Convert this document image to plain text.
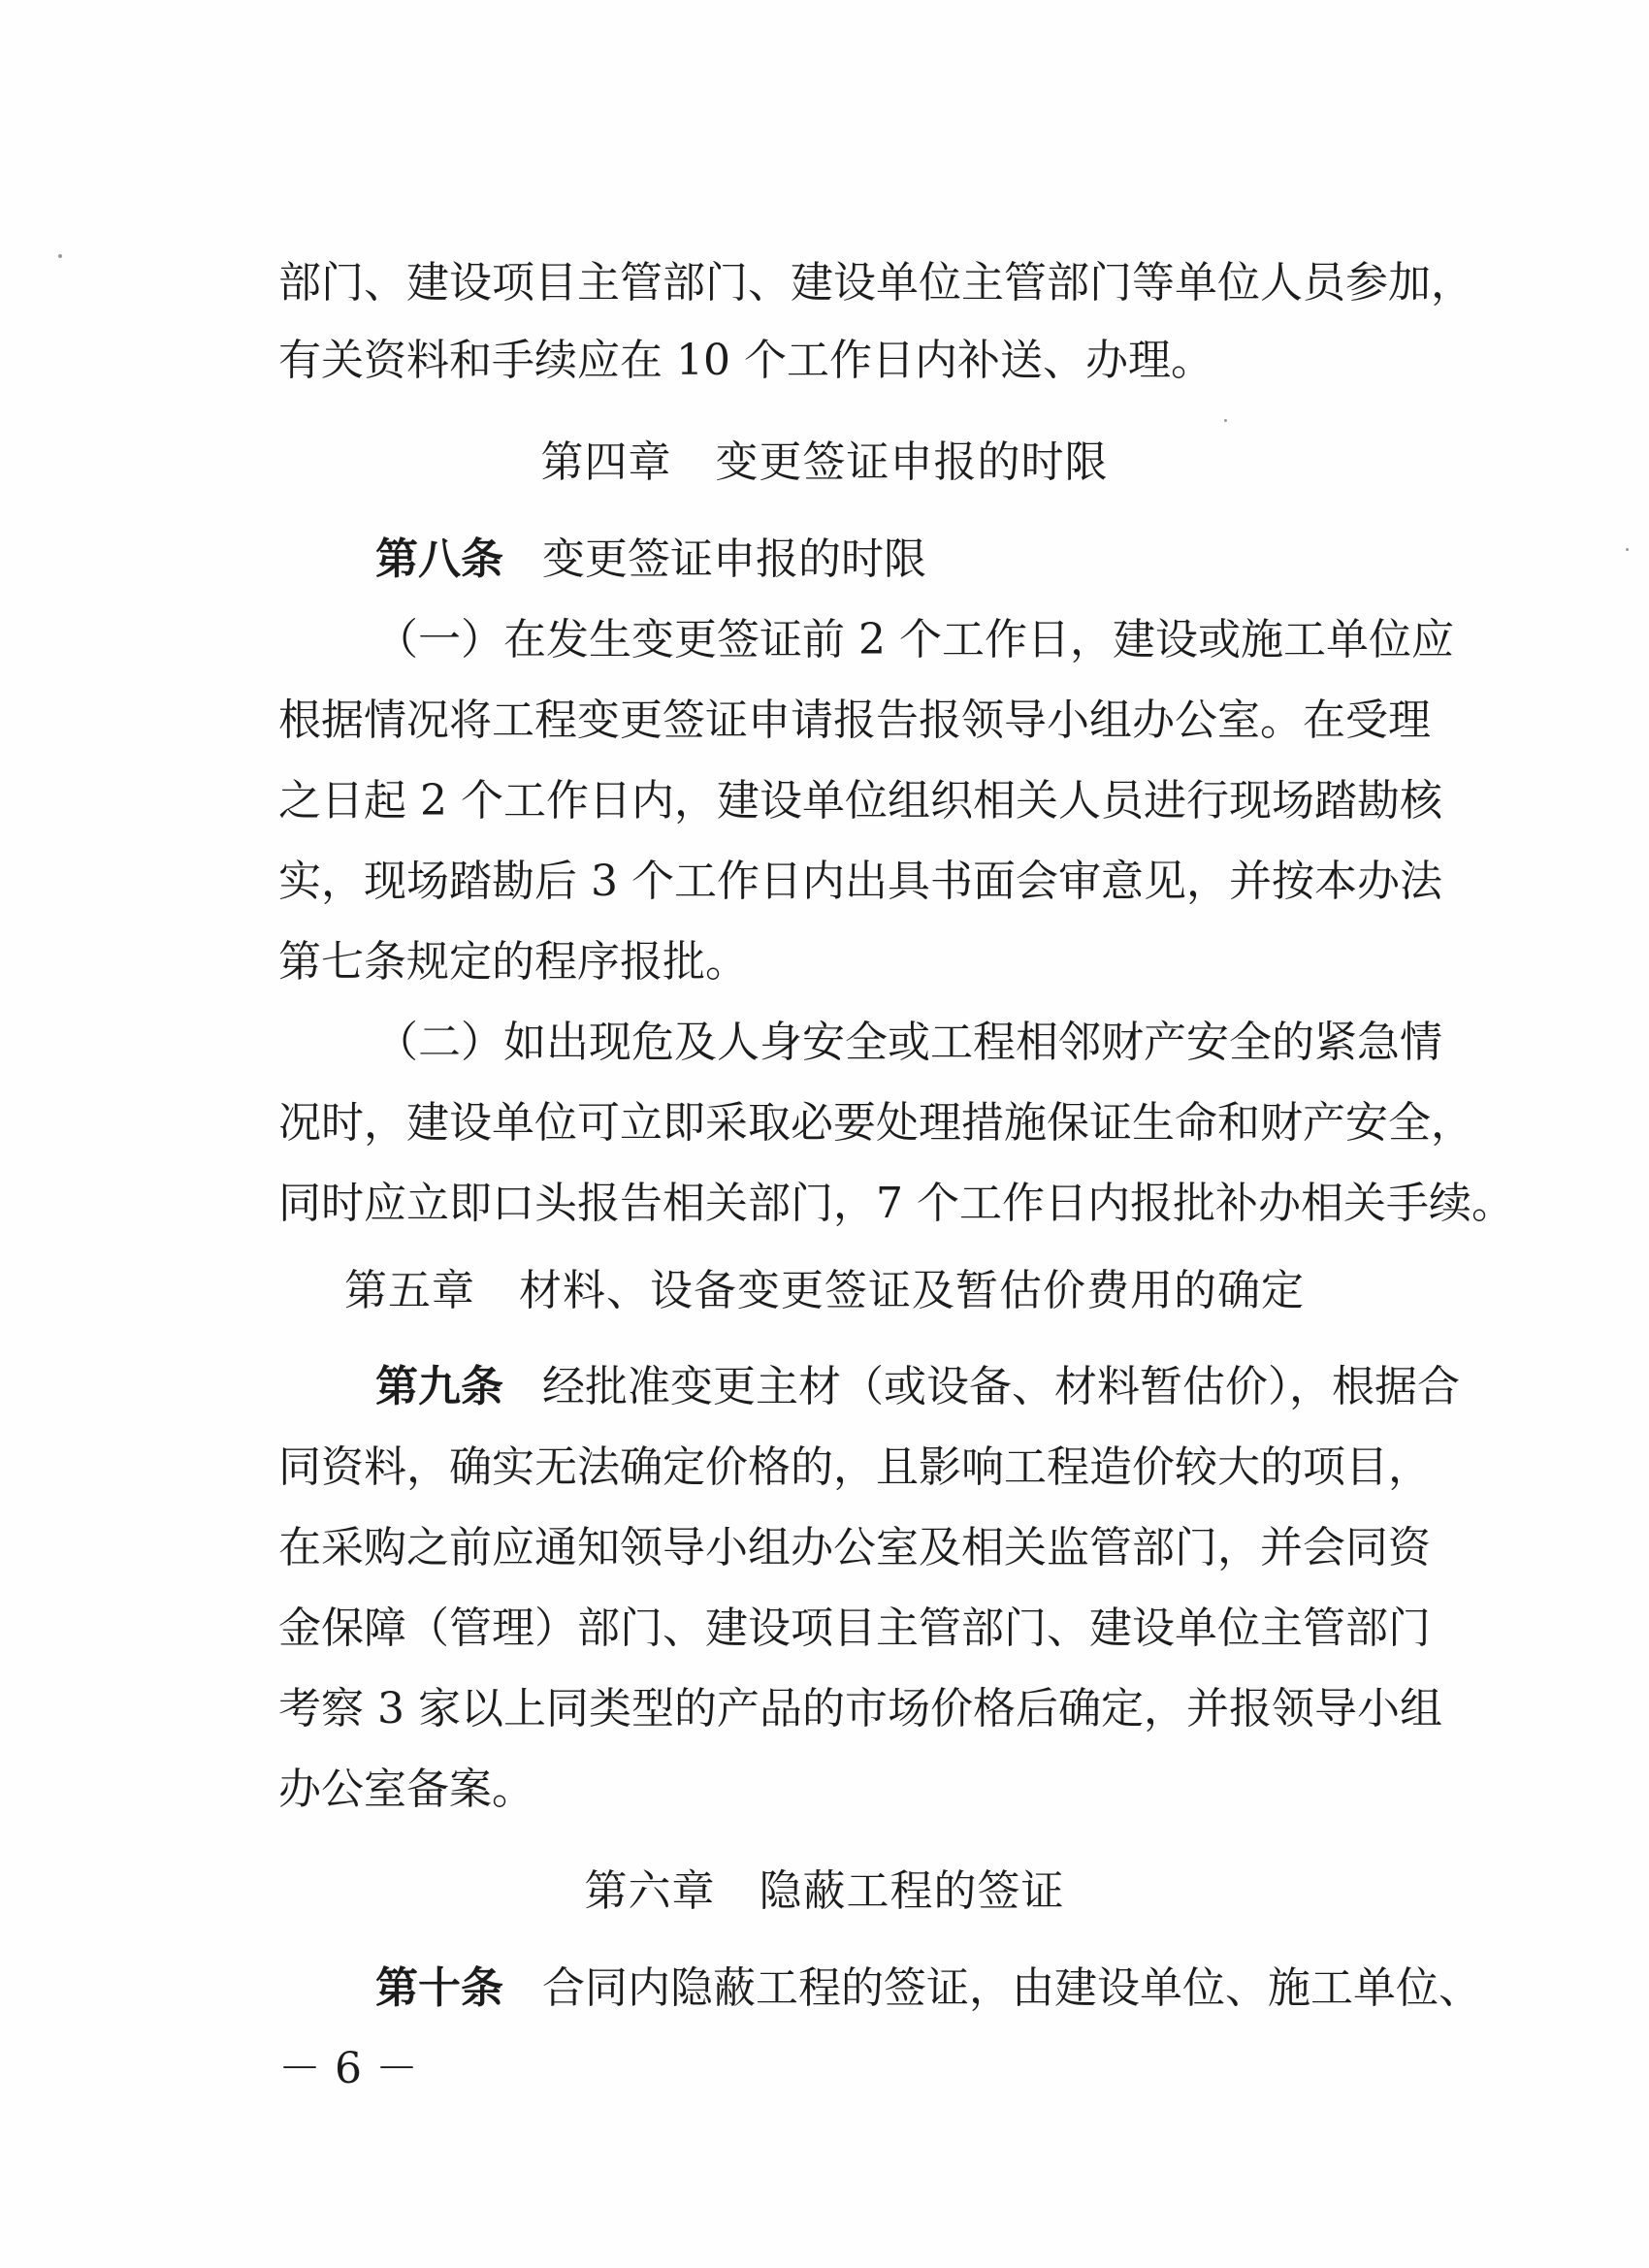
部门、建设项目主管部门、建设单位主管部门等单位人员参加，
有关资料和手续应在 10 个工作日内补送、办理。
第四章　变更签证申报的时限
第八条 变更签证申报的时限
（一）在发生变更签证前 2 个工作日，建设或施工单位应
根据情况将工程变更签证申请报告报领导小组办公室。在受理
之日起 2 个工作日内，建设单位组织相关人员进行现场踏勘核
实，现场踏勘后 3 个工作日内出具书面会审意见，并按本办法
第七条规定的程序报批。
（二）如出现危及人身安全或工程相邻财产安全的紧急情
况时，建设单位可立即采取必要处理措施保证生命和财产安全，
同时应立即口头报告相关部门，7 个工作日内报批补办相关手续。
第五章　材料、设备变更签证及暂估价费用的确定
第九条 经批准变更主材（或设备、材料暂估价），根据合
同资料，确实无法确定价格的，且影响工程造价较大的项目，
在采购之前应通知领导小组办公室及相关监管部门，并会同资
金保障（管理）部门、建设项目主管部门、建设单位主管部门
考察 3 家以上同类型的产品的市场价格后确定，并报领导小组
办公室备案。
第六章　隐蔽工程的签证
第十条 合同内隐蔽工程的签证，由建设单位、施工单位、
－ 6 －
